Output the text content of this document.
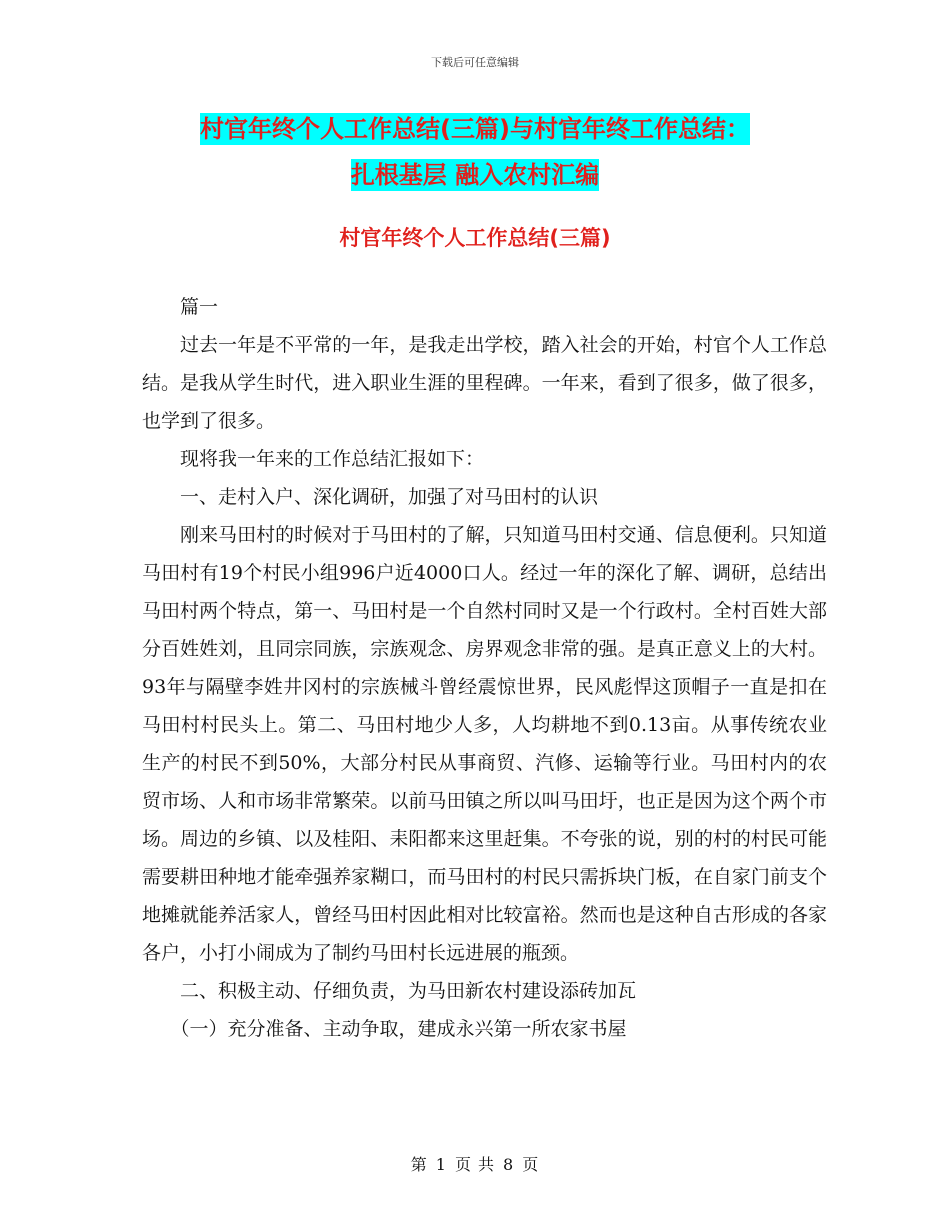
下载后可任意编辑
村官年终个人工作总结(三篇)与村官年终工作总结：
扎根基层 融入农村汇编
村官年终个人工作总结(三篇)

篇一

过去一年是不平常的一年，是我走出学校，踏入社会的开始，村官个人工作总结。是我从学生时代，进入职业生涯的里程碑。一年来，看到了很多，做了很多，也学到了很多。

现将我一年来的工作总结汇报如下：

一、走村入户、深化调研，加强了对马田村的认识

刚来马田村的时候对于马田村的了解，只知道马田村交通、信息便利。只知道马田村有19个村民小组996户近4000口人。经过一年的深化了解、调研，总结出马田村两个特点，第一、马田村是一个自然村同时又是一个行政村。全村百姓大部分百姓姓刘，且同宗同族，宗族观念、房界观念非常的强。是真正意义上的大村。93年与隔壁李姓井冈村的宗族械斗曾经震惊世界，民风彪悍这顶帽子一直是扣在马田村村民头上。第二、马田村地少人多，人均耕地不到0.13亩。从事传统农业生产的村民不到50%，大部分村民从事商贸、汽修、运输等行业。马田村内的农贸市场、人和市场非常繁荣。以前马田镇之所以叫马田圩，也正是因为这个两个市场。周边的乡镇、以及桂阳、耒阳都来这里赶集。不夸张的说，别的村的村民可能需要耕田种地才能牵强养家糊口，而马田村的村民只需拆块门板，在自家门前支个地摊就能养活家人，曾经马田村因此相对比较富裕。然而也是这种自古形成的各家各户，小打小闹成为了制约马田村长远进展的瓶颈。

二、积极主动、仔细负责，为马田新农村建设添砖加瓦

（一）充分准备、主动争取，建成永兴第一所农家书屋

第 1 页 共 8 页
